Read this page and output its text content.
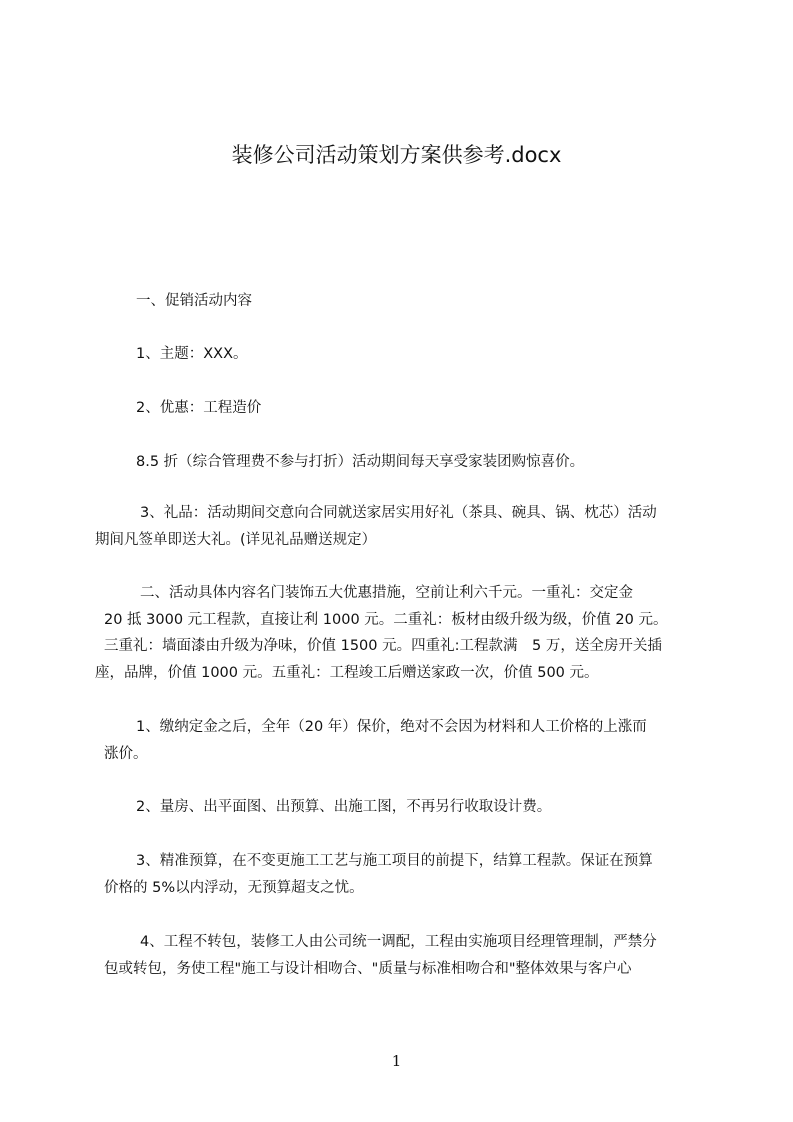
装修公司活动策划方案供参考.docx
一、促销活动内容
1、主题：XXX。
2、优惠：工程造价
8.5 折（综合管理费不参与打折）活动期间每天享受家装团购惊喜价。
3、礼品：活动期间交意向合同就送家居实用好礼（茶具、碗具、锅、枕芯）活动
期间凡签单即送大礼。(详见礼品赠送规定）
二、活动具体内容名门装饰五大优惠措施，空前让利六千元。一重礼：交定金
20 抵 3000 元工程款，直接让利 1000 元。二重礼：板材由级升级为级，价值 20 元。
三重礼：墙面漆由升级为净味，价值 1500 元。四重礼:工程款满　5 万，送全房开关插
座，品牌，价值 1000 元。五重礼：工程竣工后赠送家政一次，价值 500 元。
1、缴纳定金之后，全年（20 年）保价，绝对不会因为材料和人工价格的上涨而
涨价。
2、量房、出平面图、出预算、出施工图，不再另行收取设计费。
3、精准预算，在不变更施工工艺与施工项目的前提下，结算工程款。保证在预算
价格的 5%以内浮动，无预算超支之忧。
4、工程不转包，装修工人由公司统一调配，工程由实施项目经理管理制，严禁分
包或转包，务使工程"施工与设计相吻合、"质量与标准相吻合和"整体效果与客户心
1
